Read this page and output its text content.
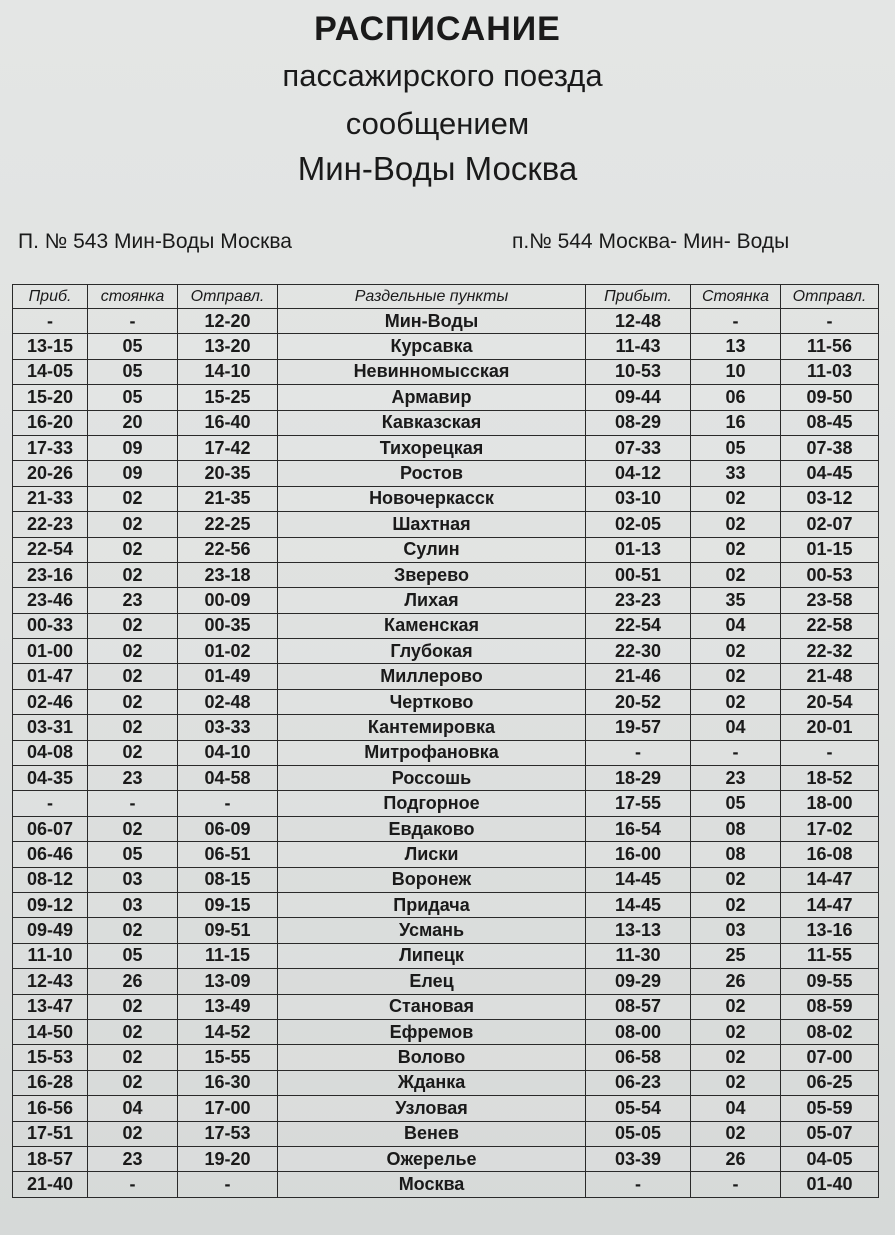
РАСПИСАНИЕ
пассажирского поезда
сообщением
Мин-Воды Москва
П. № 543 Мин-Воды Москва	п.№ 544 Москва- Мин- Воды
Приб.	стоянка	Отправл.	Раздельные пункты	Прибыт.	Стоянка	Отправл.
-	-	12-20	Мин-Воды	12-48	-	-
13-15	05	13-20	Курсавка	11-43	13	11-56
14-05	05	14-10	Невинномысская	10-53	10	11-03
15-20	05	15-25	Армавир	09-44	06	09-50
16-20	20	16-40	Кавказская	08-29	16	08-45
17-33	09	17-42	Тихорецкая	07-33	05	07-38
20-26	09	20-35	Ростов	04-12	33	04-45
21-33	02	21-35	Новочеркасск	03-10	02	03-12
22-23	02	22-25	Шахтная	02-05	02	02-07
22-54	02	22-56	Сулин	01-13	02	01-15
23-16	02	23-18	Зверево	00-51	02	00-53
23-46	23	00-09	Лихая	23-23	35	23-58
00-33	02	00-35	Каменская	22-54	04	22-58
01-00	02	01-02	Глубокая	22-30	02	22-32
01-47	02	01-49	Миллерово	21-46	02	21-48
02-46	02	02-48	Чертково	20-52	02	20-54
03-31	02	03-33	Кантемировка	19-57	04	20-01
04-08	02	04-10	Митрофановка	-	-	-
04-35	23	04-58	Россошь	18-29	23	18-52
-	-	-	Подгорное	17-55	05	18-00
06-07	02	06-09	Евдаково	16-54	08	17-02
06-46	05	06-51	Лиски	16-00	08	16-08
08-12	03	08-15	Воронеж	14-45	02	14-47
09-12	03	09-15	Придача	14-45	02	14-47
09-49	02	09-51	Усмань	13-13	03	13-16
11-10	05	11-15	Липецк	11-30	25	11-55
12-43	26	13-09	Елец	09-29	26	09-55
13-47	02	13-49	Становая	08-57	02	08-59
14-50	02	14-52	Ефремов	08-00	02	08-02
15-53	02	15-55	Волово	06-58	02	07-00
16-28	02	16-30	Жданка	06-23	02	06-25
16-56	04	17-00	Узловая	05-54	04	05-59
17-51	02	17-53	Венев	05-05	02	05-07
18-57	23	19-20	Ожерелье	03-39	26	04-05
21-40	-	-	Москва	-	-	01-40
